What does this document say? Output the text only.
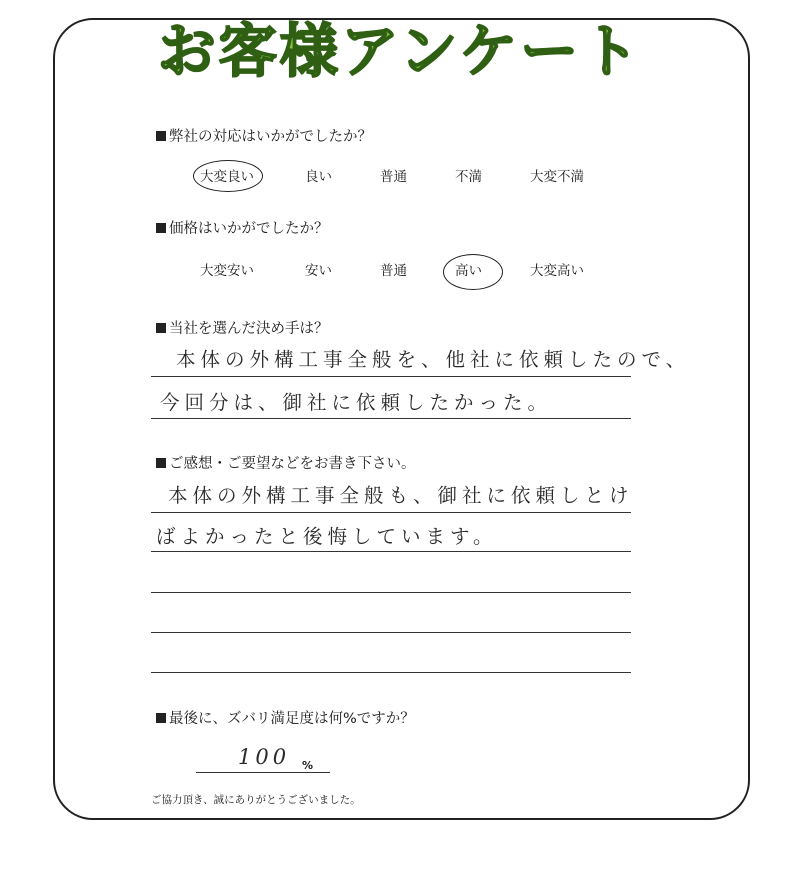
お客様アンケート
弊社の対応はいかがでしたか？
大変良い	良い	普通	不満	大変不満
価格はいかがでしたか？
大変安い	安い	普通	高い	大変高い
当社を選んだ決め手は？
本体の外構工事全般を、他社に依頼したので、
今回分は、御社に依頼したかった。
ご感想・ご要望などをお書き下さい。
本体の外構工事全般も、御社に依頼しとけ
ばよかったと後悔しています。
最後に、ズバリ満足度は何%ですか？
100 %
ご協力頂き、誠にありがとうございました。
